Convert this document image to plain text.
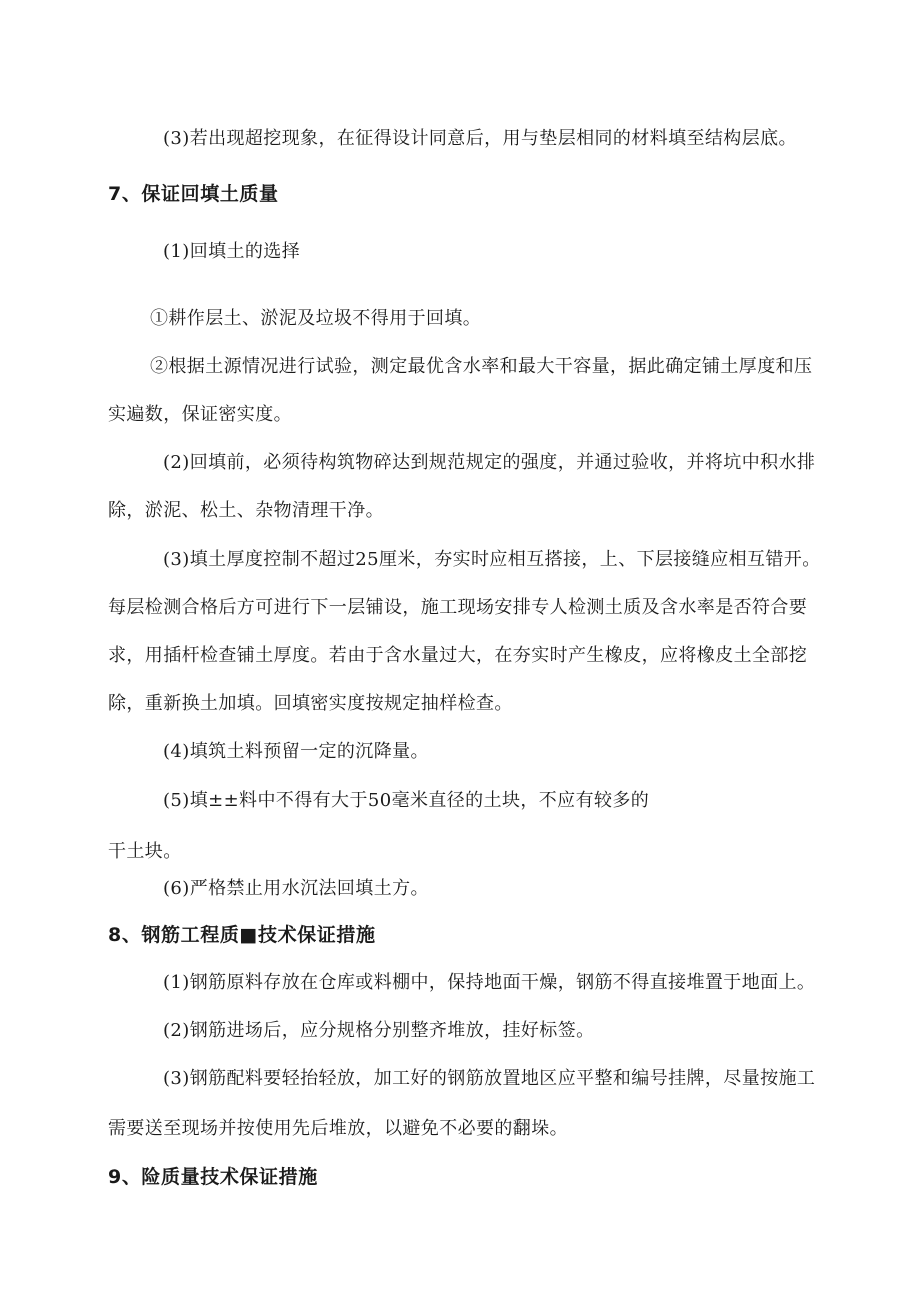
(3)若出现超挖现象，在征得设计同意后，用与垫层相同的材料填至结构层底。
7、保证回填土质量
(1)回填土的选择
①耕作层土、淤泥及垃圾不得用于回填。
②根据土源情况进行试验，测定最优含水率和最大干容量，据此确定铺土厚度和压
实遍数，保证密实度。
(2)回填前，必须待构筑物碎达到规范规定的强度，并通过验收，并将坑中积水排
除，淤泥、松土、杂物清理干净。
(3)填土厚度控制不超过25厘米，夯实时应相互搭接，上、下层接缝应相互错开。
每层检测合格后方可进行下一层铺设，施工现场安排专人检测土质及含水率是否符合要
求，用插杆检查铺土厚度。若由于含水量过大，在夯实时产生橡皮，应将橡皮土全部挖
除，重新换土加填。回填密实度按规定抽样检查。
(4)填筑土料预留一定的沉降量。
(5)填±±料中不得有大于50毫米直径的土块，不应有较多的
干土块。
(6)严格禁止用水沉法回填土方。
8、钢筋工程质■技术保证措施
(1)钢筋原料存放在仓库或料棚中，保持地面干燥，钢筋不得直接堆置于地面上。
(2)钢筋进场后，应分规格分别整齐堆放，挂好标签。
(3)钢筋配料要轻抬轻放，加工好的钢筋放置地区应平整和编号挂牌，尽量按施工
需要送至现场并按使用先后堆放，以避免不必要的翻垛。
9、险质量技术保证措施
